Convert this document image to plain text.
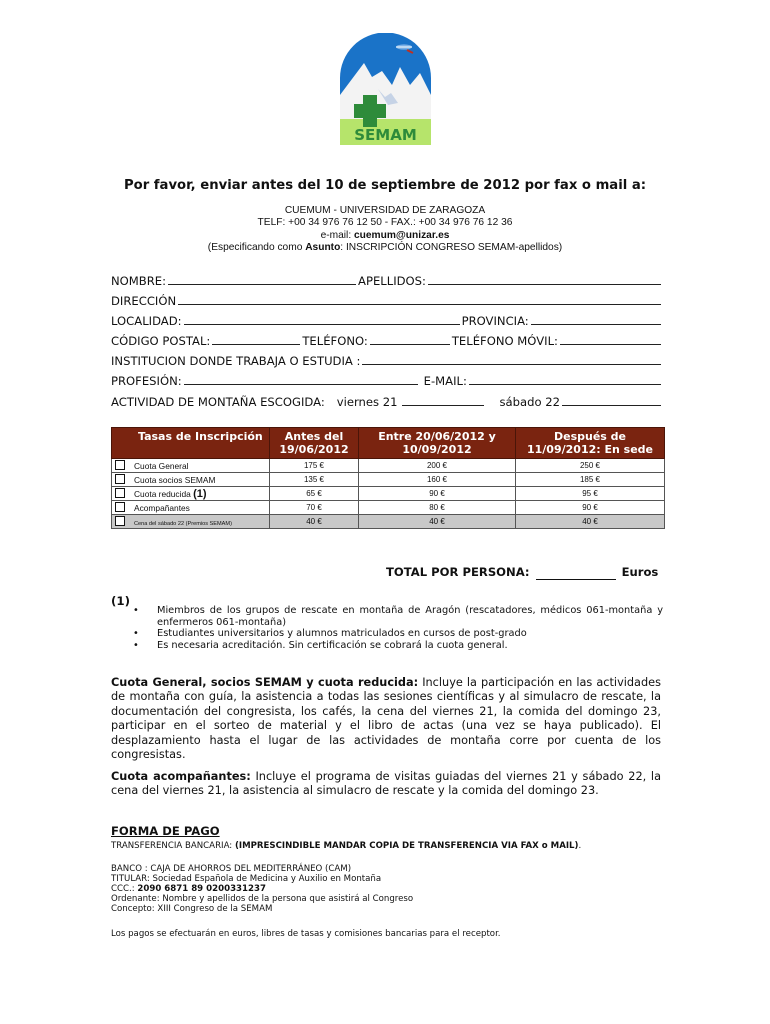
SEMAM
Por favor, enviar antes del 10 de septiembre de 2012 por fax o mail a:
CUEMUM - UNIVERSIDAD DE ZARAGOZA
TELF: +00 34 976 76 12 50 - FAX.: +00 34 976 76 12 36
e-mail: cuemum@unizar.es
(Especificando como Asunto: INSCRIPCIÓN CONGRESO SEMAM-apellidos)
NOMBRE:	APELLIDOS:
DIRECCIÓN
LOCALIDAD:	PROVINCIA:
CÓDIGO POSTAL:	TELÉFONO:	TELÉFONO MÓVIL:
INSTITUCION DONDE TRABAJA O ESTUDIA :
PROFESIÓN:	E-MAIL:
ACTIVIDAD DE MONTAÑA ESCOGIDA: viernes 21	sábado 22
Tasas de Inscripción	Antes del 19/06/2012	Entre 20/06/2012 y 10/09/2012	Después de 11/09/2012: En sede
Cuota General	175 €	200 €	250 €
Cuota socios SEMAM	135 €	160 €	185 €
Cuota reducida (1)	65 €	90 €	95 €
Acompañantes	70 €	80 €	90 €
Cena del sábado 22 (Premios SEMAM)	40 €	40 €	40 €
TOTAL POR PERSONA:	Euros
(1)
• Miembros de los grupos de rescate en montaña de Aragón (rescatadores, médicos 061-montaña y enfermeros 061-montaña)
• Estudiantes universitarios y alumnos matriculados en cursos de post-grado
• Es necesaria acreditación. Sin certificación se cobrará la cuota general.
Cuota General, socios SEMAM y cuota reducida: Incluye la participación en las actividades de montaña con guía, la asistencia a todas las sesiones científicas y al simulacro de rescate, la documentación del congresista, los cafés, la cena del viernes 21, la comida del domingo 23, participar en el sorteo de material y el libro de actas (una vez se haya publicado). El desplazamiento hasta el lugar de las actividades de montaña corre por cuenta de los congresistas.
Cuota acompañantes: Incluye el programa de visitas guiadas del viernes 21 y sábado 22, la cena del viernes 21, la asistencia al simulacro de rescate y la comida del domingo 23.
FORMA DE PAGO
TRANSFERENCIA BANCARIA: (IMPRESCINDIBLE MANDAR COPIA DE TRANSFERENCIA VIA FAX o MAIL).
BANCO : CAJA DE AHORROS DEL MEDITERRÁNEO (CAM)
TITULAR: Sociedad Española de Medicina y Auxilio en Montaña
CCC.: 2090 6871 89 0200331237
Ordenante: Nombre y apellidos de la persona que asistirá al Congreso
Concepto: XIII Congreso de la SEMAM
Los pagos se efectuarán en euros, libres de tasas y comisiones bancarias para el receptor.
